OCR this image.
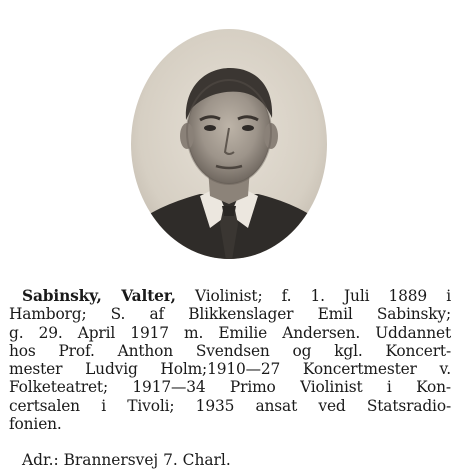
Sabinsky, Valter, Violinist; f. 1. Juli 1889 i
Hamborg; S. af Blikkenslager Emil Sabinsky;
g. 29. April 1917 m. Emilie Andersen. Uddannet
hos Prof. Anthon Svendsen og kgl. Koncert-
mester Ludvig Holm;1910—27 Koncertmester v.
Folketeatret; 1917—34 Primo Violinist i Kon-
certsalen i Tivoli; 1935 ansat ved Statsradio-
fonien.

Adr.: Brannersvej 7. Charl.
